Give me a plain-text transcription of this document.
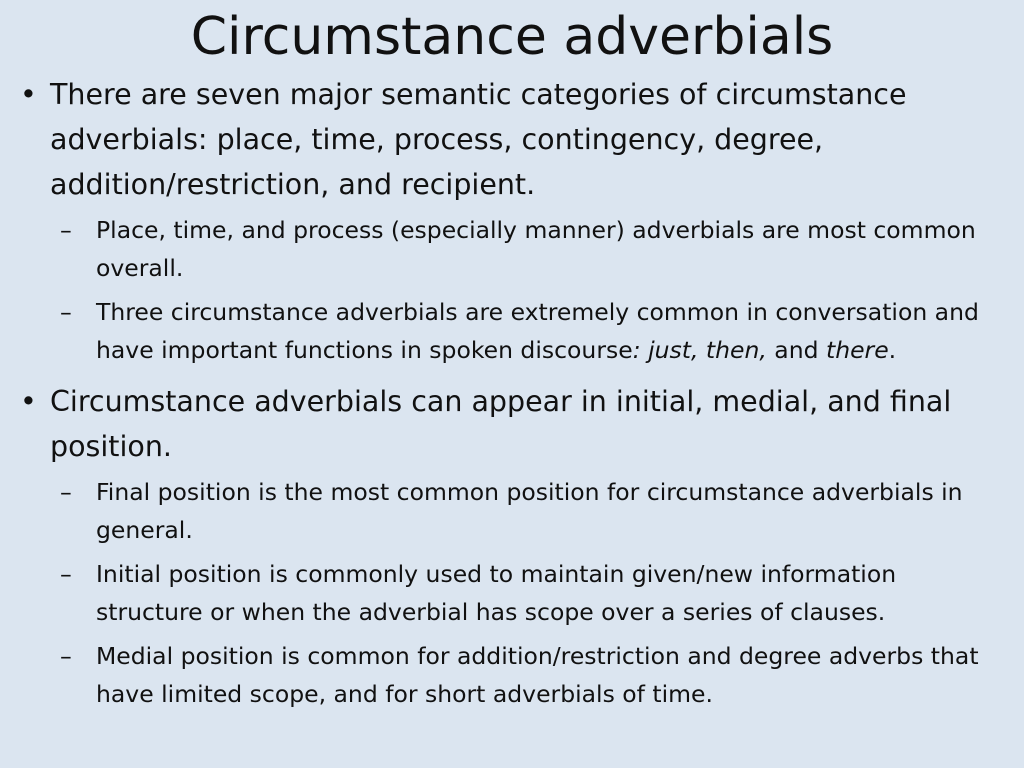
Circumstance adverbials
• There are seven major semantic categories of circumstance adverbials: place, time, process, contingency, degree, addition/restriction, and recipient.
– Place, time, and process (especially manner) adverbials are most common overall.
– Three circumstance adverbials are extremely common in conversation and have important functions in spoken discourse: just, then, and there.
• Circumstance adverbials can appear in initial, medial, and final position.
– Final position is the most common position for circumstance adverbials in general.
– Initial position is commonly used to maintain given/new information structure or when the adverbial has scope over a series of clauses.
– Medial position is common for addition/restriction and degree adverbs that have limited scope, and for short adverbials of time.
